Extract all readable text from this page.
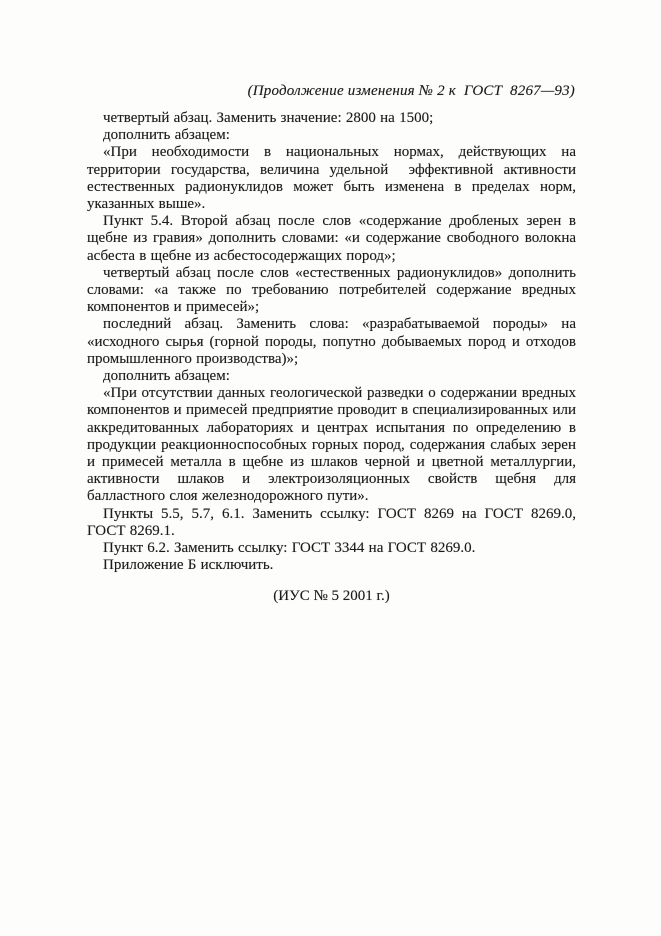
(Продолжение изменения № 2 к  ГОСТ  8267—93)

четвертый абзац. Заменить значение: 2800 на 1500;

дополнить абзацем:

«При необходимости в национальных нормах, действующих на территории государства, величина удельной  эффективной активности естественных радионуклидов может быть изменена в пределах норм, указанных выше».

Пункт 5.4. Второй абзац после слов «содержание дробленых зерен в щебне из гравия» дополнить словами: «и содержание свободного волокна асбеста в щебне из асбестосодержащих пород»;

четвертый абзац после слов «естественных радионуклидов» дополнить словами: «а также по требованию потребителей содержание вредных компонентов и примесей»;

последний абзац. Заменить слова: «разрабатываемой породы» на «исходного сырья (горной породы, попутно добываемых пород и отходов промышленного производства)»;

дополнить абзацем:

«При отсутствии данных геологической разведки о содержании вредных компонентов и примесей предприятие проводит в специализированных или аккредитованных лабораториях и центрах испытания по определению в продукции реакционноспособных горных пород, содержания слабых зерен и примесей металла в щебне из шлаков черной и цветной металлургии, активности шлаков и электроизоляционных свойств щебня для балластного слоя железнодорожного пути».

Пункты 5.5, 5.7, 6.1. Заменить ссылку: ГОСТ 8269 на ГОСТ 8269.0, ГОСТ 8269.1.

Пункт 6.2. Заменить ссылку: ГОСТ 3344 на ГОСТ 8269.0.

Приложение Б исключить.

(ИУС № 5 2001 г.)
